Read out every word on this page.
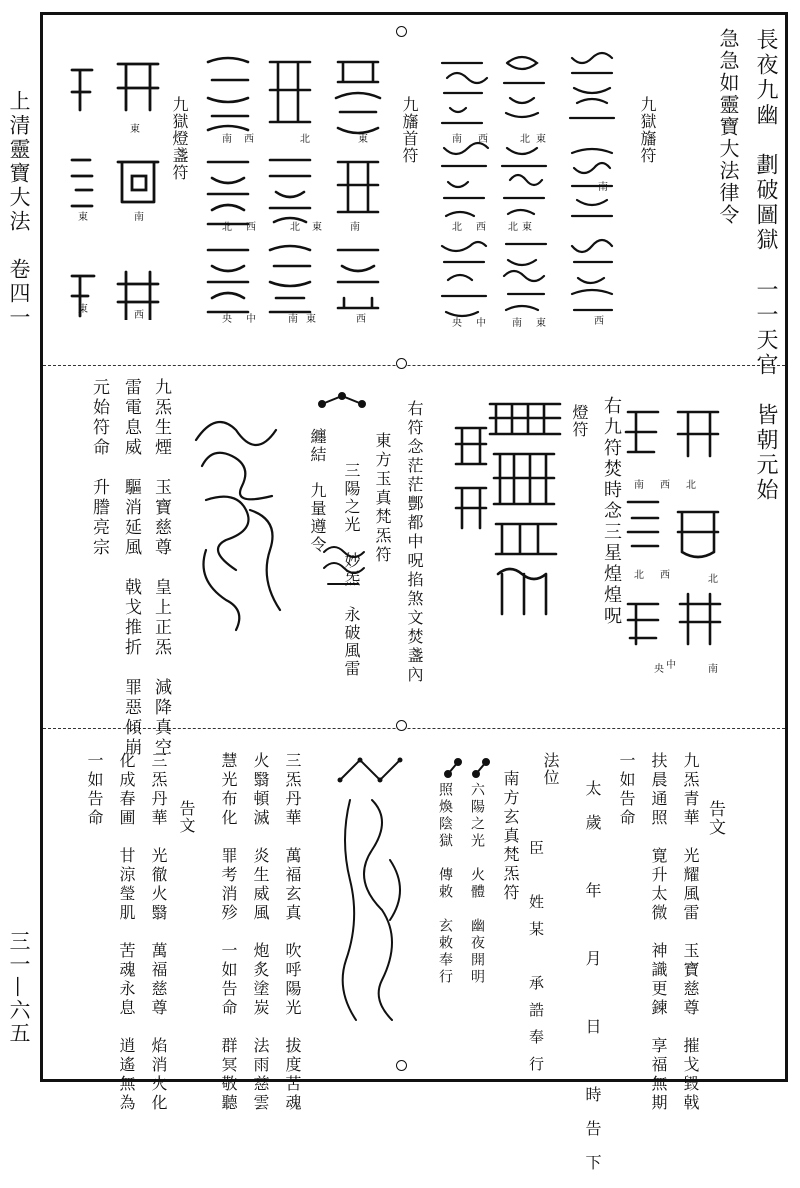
上清靈寶大法　卷四一
三一—六五
長夜九幽　劃破圖獄　一一天官　皆朝元始
急急如靈寶大法律令
九獄旛符
九旛首符
九獄燈盞符
南
東
西
南	北
東
北
西
北
西
東
南
中
央
東
北
西
南
南
東
北
西
北
西
東
南
中
央
東
南
東
西
東
右九符焚時念三星煌煌呪
燈符
北
西
南
北
西
北
南
中
央
右符念茫茫酆都中呪掐煞文焚盞內
東方玉真梵炁符
三陽之光　妙炁　永破風雷
纏結　九量遵令
九炁生煙　玉寶慈尊　皇上正炁　減降真空
雷電息威　驅消延風　戟戈推折　罪惡傾崩
元始符命　升謄亮宗
告文
九炁青華　光耀風雷　玉寶慈尊　摧戈毀戟
扶晨通照　寛升太微　神識更鍊　享福無期
一如告命
太歲　年　月　日　時告下
法位
臣　姓某　承誥奉行
南方玄真梵炁符
六陽之光　火體　幽夜開明
照煥陰獄　傳敕　玄敕奉行
三炁丹華　萬福玄真　吹呼陽光　拔度苦魂
火翳頓滅　炎生威風　炮炙塗炭　法雨慈雲
慧光布化　罪考消殄　一如告命　群冥敬聽
告文
三炁丹華　光徹火翳　萬福慈尊　焰消火化
化成春圃　甘涼瑩肌　苦魂永息　逍遙無為
一如告命
